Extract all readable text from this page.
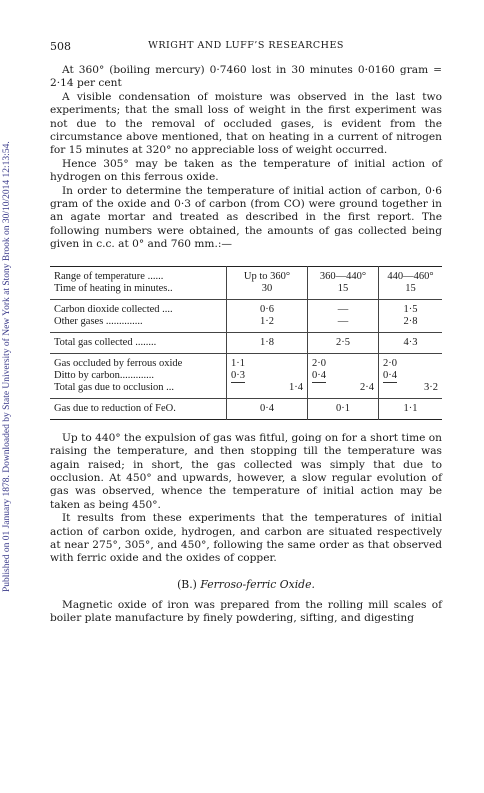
Published on 01 January 1878. Downloaded by State University of New York at Stony Brook on 30/10/2014 12:13:54.
508	WRIGHT AND LUFF’S RESEARCHES

At 360° (boiling mercury) 0·7460 lost in 30 minutes 0·0160 gram = 2·14 per cent

A visible condensation of moisture was observed in the last two experiments; that the small loss of weight in the first experiment was not due to the removal of occluded gases, is evident from the circumstance above mentioned, that on heating in a current of nitrogen for 15 minutes at 320° no appreciable loss of weight occurred.

Hence 305° may be taken as the temperature of initial action of hydrogen on this ferrous oxide.

In order to determine the temperature of initial action of carbon, 0·6 gram of the oxide and 0·3 of carbon (from CO) were ground together in an agate mortar and treated as described in the first report. The following numbers were obtained, the amounts of gas collected being given in c.c. at 0° and 760 mm.:—

Range of temperature ......	Up to 360°	360—440°	440—460°
Time of heating in minutes..	30	15	15
Carbon dioxide collected ....	0·6	—	1·5
Other gases ..............	1·2	—	2·8
Total gas collected ........	1·8	2·5	4·3
Gas occluded by ferrous oxide	1·1	2·0	2·0
Ditto by carbon.............	0·3	0·4	0·4
Total gas due to occlusion ...	1·4	2·4	3·2

Gas due to reduction of FeO.	0·4	0·1	1·1

Up to 440° the expulsion of gas was fitful, going on for a short time on raising the temperature, and then stopping till the temperature was again raised; in short, the gas collected was simply that due to occlusion. At 450° and upwards, however, a slow regular evolution of gas was observed, whence the temperature of initial action may be taken as being 450°.

It results from these experiments that the temperatures of initial action of carbon oxide, hydrogen, and carbon are situated respectively at near 275°, 305°, and 450°, following the same order as that observed with ferric oxide and the oxides of copper.

(B.) Ferroso-ferric Oxide.

Magnetic oxide of iron was prepared from the rolling mill scales of boiler plate manufacture by finely powdering, sifting, and digesting
